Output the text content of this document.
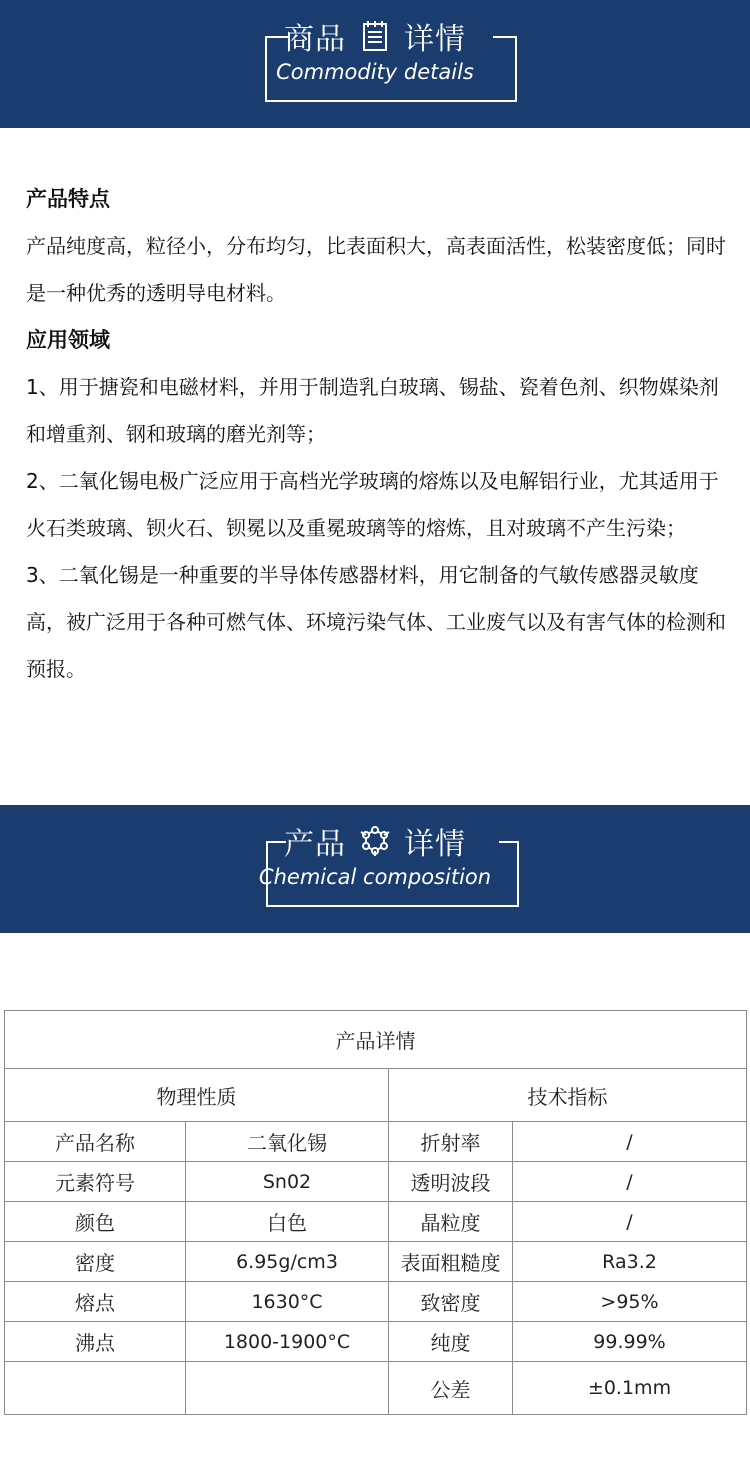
商品 详情
Commodity details
产品特点

产品纯度高，粒径小，分布均匀，比表面积大，高表面活性，松装密度低；同时是一种优秀的透明导电材料。

应用领域

1、用于搪瓷和电磁材料，并用于制造乳白玻璃、锡盐、瓷着色剂、织物媒染剂和增重剂、钢和玻璃的磨光剂等；

2、二氧化锡电极广泛应用于高档光学玻璃的熔炼以及电解铝行业，尤其适用于火石类玻璃、钡火石、钡冕以及重冕玻璃等的熔炼，且对玻璃不产生污染；

3、二氧化锡是一种重要的半导体传感器材料，用它制备的气敏传感器灵敏度高，被广泛用于各种可燃气体、环境污染气体、工业废气以及有害气体的检测和预报。

产品 详情
Chemical composition
产品详情			
物理性质		技术指标	
产品名称	二氧化锡	折射率	/
元素符号	Sn02	透明波段	/
颜色	白色	晶粒度	/
密度	6.95g/cm3	表面粗糙度	Ra3.2
熔点	1630°C	致密度	>95%
沸点	1800-1900°C	纯度	99.99%
		公差	±0.1mm
